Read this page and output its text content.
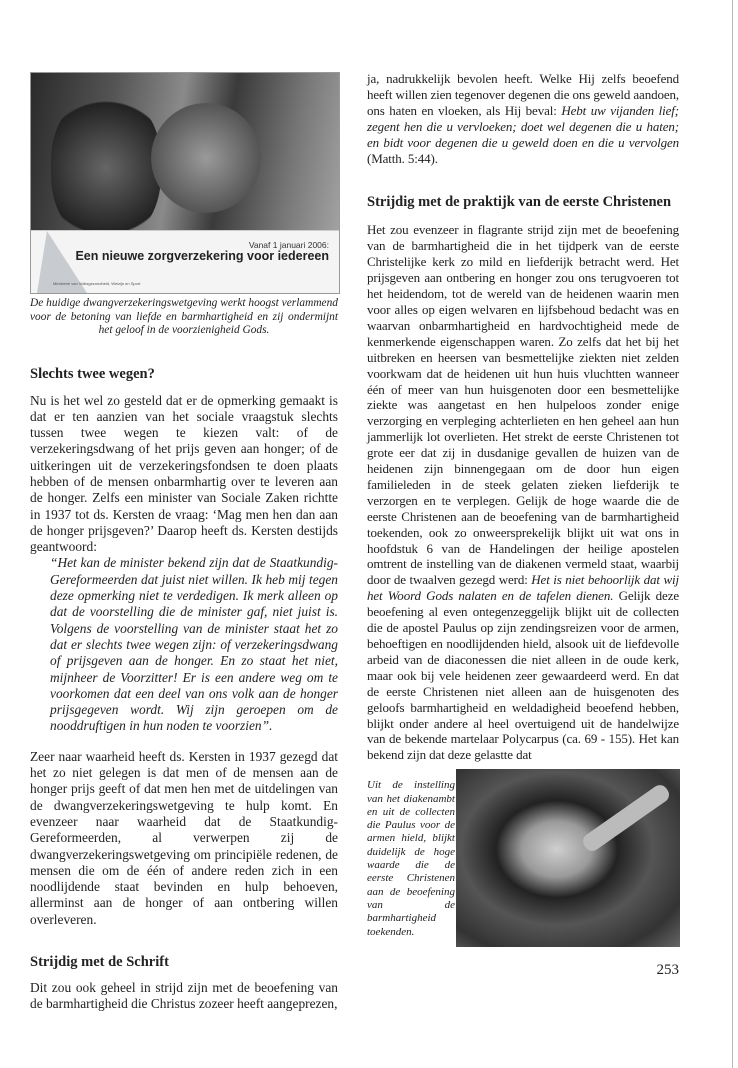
Vanaf 1 januari 2006:
Een nieuwe zorgverzekering voor iedereen
Ministerie van Volksgezondheid, Welzijn en Sport

De huidige dwangverzekeringswetgeving werkt hoogst verlammend voor de betoning van liefde en barmhartigheid en zij ondermijnt het geloof in de voorzienigheid Gods.

Slechts twee wegen?

Nu is het wel zo gesteld dat er de opmerking gemaakt is dat er ten aanzien van het sociale vraagstuk slechts tussen twee wegen te kiezen valt: of de verzekeringsdwang of het prijs geven aan honger; of de uitkeringen uit de verzekeringsfondsen te doen plaats hebben of de mensen onbarmhartig over te leveren aan de honger. Zelfs een minister van Sociale Zaken richtte in 1937 tot ds. Kersten de vraag: ‘Mag men hen dan aan de honger prijsgeven?’ Daarop heeft ds. Kersten destijds geantwoord:

“Het kan de minister bekend zijn dat de Staatkundig-Gereformeerden dat juist niet willen. Ik heb mij tegen deze opmerking niet te verdedigen. Ik merk alleen op dat de voorstelling die de minister gaf, niet juist is. Volgens de voorstelling van de minister staat het zo dat er slechts twee wegen zijn: of verzekeringsdwang of prijsgeven aan de honger. En zo staat het niet, mijnheer de Voorzitter! Er is een andere weg om te voorkomen dat een deel van ons volk aan de honger prijsgegeven wordt. Wij zijn geroepen om de nooddruftigen in hun noden te voorzien”.

Zeer naar waarheid heeft ds. Kersten in 1937 gezegd dat het zo niet gelegen is dat men of de mensen aan de honger prijs geeft of dat men hen met de uitdelingen van de dwangverzekeringswetgeving te hulp komt. En evenzeer naar waarheid dat de Staatkundig-Gereformeerden, al verwerpen zij de dwangverzekeringswetgeving om principiële redenen, de mensen die om de één of andere reden zich in een noodlijdende staat bevinden en hulp behoeven, allerminst aan de honger of aan ontbering willen overleveren.

Strijdig met de Schrift

Dit zou ook geheel in strijd zijn met de beoefening van de barmhartigheid die Christus zozeer heeft aangeprezen,

ja, nadrukkelijk bevolen heeft. Welke Hij zelfs beoefend heeft willen zien tegenover degenen die ons geweld aandoen, ons haten en vloeken, als Hij beval: Hebt uw vijanden lief; zegent hen die u vervloeken; doet wel degenen die u haten; en bidt voor degenen die u geweld doen en die u vervolgen (Matth. 5:44).

Strijdig met de praktijk van de eerste Christenen

Het zou evenzeer in flagrante strijd zijn met de beoefening van de barmhartigheid die in het tijdperk van de eerste Christelijke kerk zo mild en liefderijk betracht werd. Het prijsgeven aan ontbering en honger zou ons terugvoeren tot het heidendom, tot de wereld van de heidenen waarin men voor alles op eigen welvaren en lijfsbehoud bedacht was en waarvan onbarmhartigheid en hardvochtigheid mede de kenmerkende eigenschappen waren. Zo zelfs dat het bij het uitbreken en heersen van besmettelijke ziekten niet zelden voorkwam dat de heidenen uit hun huis vluchtten wanneer één of meer van hun huisgenoten door een besmettelijke ziekte was aangetast en hen hulpeloos zonder enige verzorging en verpleging achterlieten en hen geheel aan hun jammerlijk lot overlieten. Het strekt de eerste Christenen tot grote eer dat zij in dusdanige gevallen de huizen van de heidenen zijn binnengegaan om de door hun eigen familieleden in de steek gelaten zieken liefderijk te verzorgen en te verplegen. Gelijk de hoge waarde die de eerste Christenen aan de beoefening van de barmhartigheid toekenden, ook zo onweersprekelijk blijkt uit wat ons in hoofdstuk 6 van de Handelingen der heilige apostelen omtrent de instelling van de diakenen vermeld staat, waarbij door de twaalven gezegd werd: Het is niet behoorlijk dat wij het Woord Gods nalaten en de tafelen dienen. Gelijk deze beoefening al even ontegenzeggelijk blijkt uit de collecten die de apostel Paulus op zijn zendingsreizen voor de armen, behoeftigen en noodlijdenden hield, alsook uit de liefdevolle arbeid van de diaconessen die niet alleen in de oude kerk, maar ook bij vele heidenen zeer gewaardeerd werd. En dat de eerste Christenen niet alleen aan de huisgenoten des geloofs barmhartigheid en weldadigheid beoefend hebben, blijkt onder andere al heel overtuigend uit de handelwijze van de bekende martelaar Polycarpus (ca. 69 - 155). Het kan bekend zijn dat deze gelastte dat

Uit de instelling van het diakenambt en uit de collecten die Paulus voor de armen hield, blijkt duidelijk de hoge waarde die de eerste Christenen aan de beoefening van de barmhartigheid toekenden.
253
